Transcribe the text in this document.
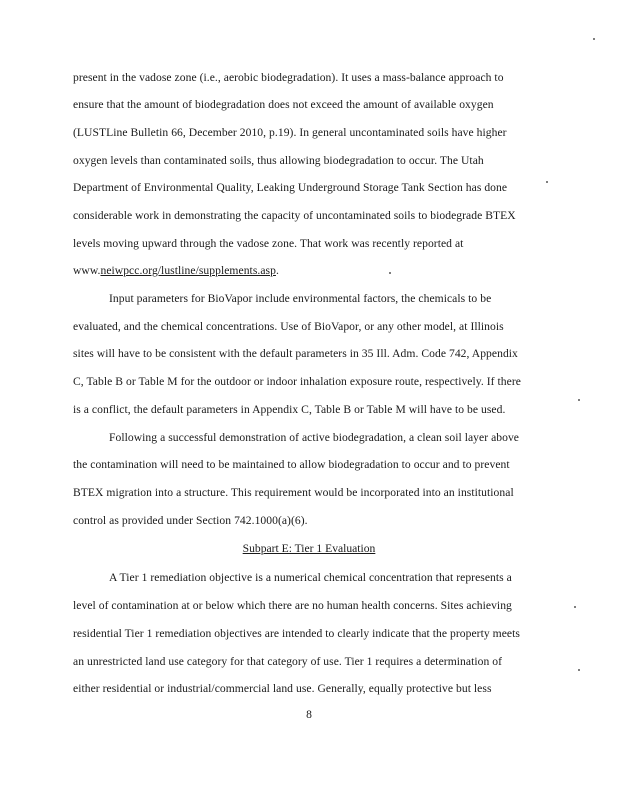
present in the vadose zone (i.e., aerobic biodegradation). It uses a mass-balance approach to
ensure that the amount of biodegradation does not exceed the amount of available oxygen
(LUSTLine Bulletin 66, December 2010, p.19). In general uncontaminated soils have higher
oxygen levels than contaminated soils, thus allowing biodegradation to occur. The Utah
Department of Environmental Quality, Leaking Underground Storage Tank Section has done
considerable work in demonstrating the capacity of uncontaminated soils to biodegrade BTEX
levels moving upward through the vadose zone. That work was recently reported at
www.neiwpcc.org/lustline/supplements.asp.
Input parameters for BioVapor include environmental factors, the chemicals to be
evaluated, and the chemical concentrations. Use of BioVapor, or any other model, at Illinois
sites will have to be consistent with the default parameters in 35 Ill. Adm. Code 742, Appendix
C, Table B or Table M for the outdoor or indoor inhalation exposure route, respectively. If there
is a conflict, the default parameters in Appendix C, Table B or Table M will have to be used.
Following a successful demonstration of active biodegradation, a clean soil layer above
the contamination will need to be maintained to allow biodegradation to occur and to prevent
BTEX migration into a structure. This requirement would be incorporated into an institutional
control as provided under Section 742.1000(a)(6).
Subpart E: Tier 1 Evaluation
A Tier 1 remediation objective is a numerical chemical concentration that represents a
level of contamination at or below which there are no human health concerns. Sites achieving
residential Tier 1 remediation objectives are intended to clearly indicate that the property meets
an unrestricted land use category for that category of use. Tier 1 requires a determination of
either residential or industrial/commercial land use. Generally, equally protective but less
8
